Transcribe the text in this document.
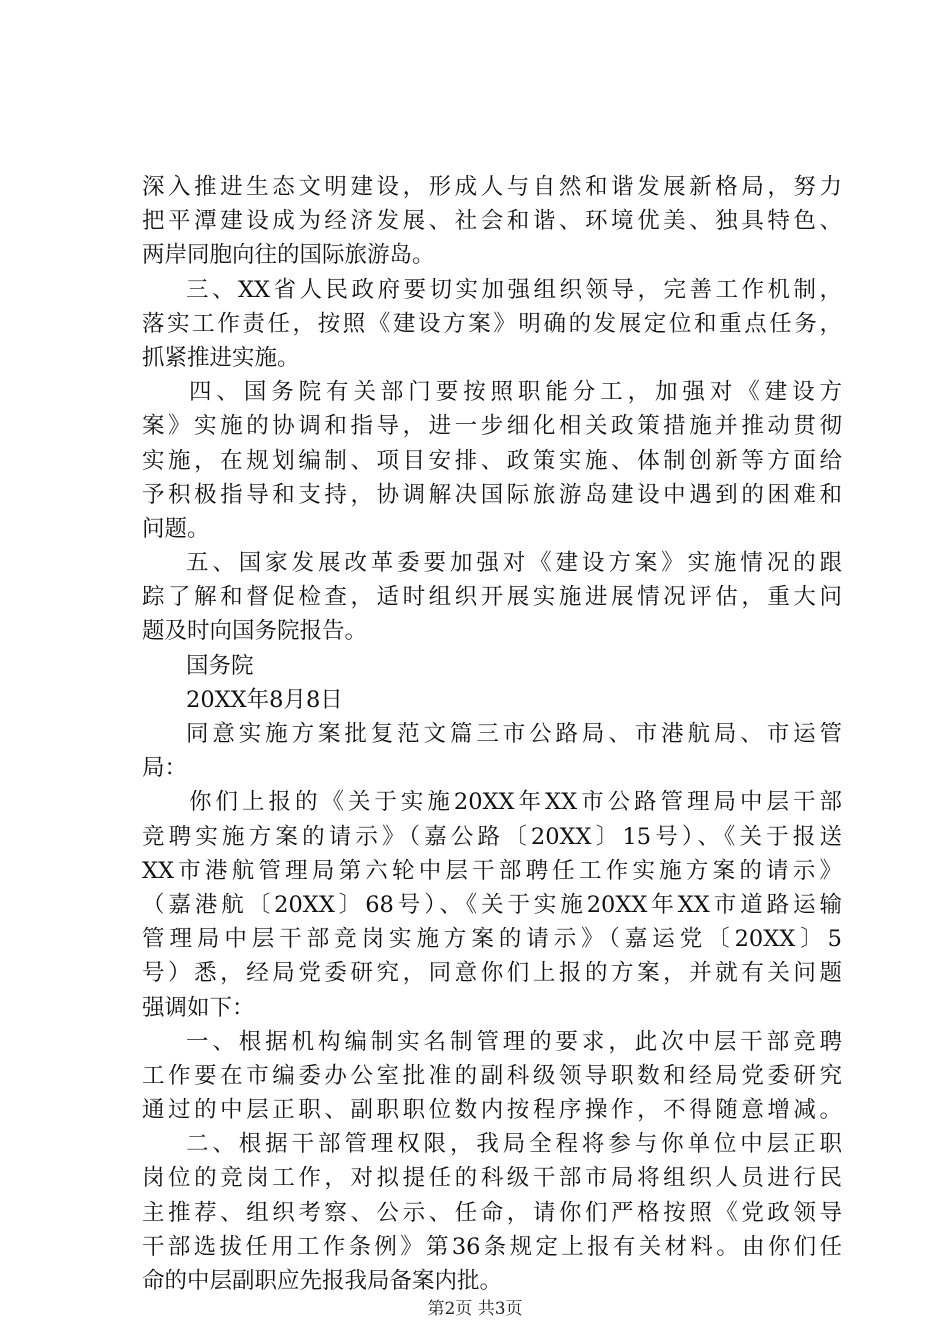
深入推进生态文明建设，形成人与自然和谐发展新格局，努力
把平潭建设成为经济发展、社会和谐、环境优美、独具特色、
两岸同胞向往的国际旅游岛。
三、XX省人民政府要切实加强组织领导，完善工作机制，
落实工作责任，按照《建设方案》明确的发展定位和重点任务，
抓紧推进实施。
四、国务院有关部门要按照职能分工，加强对《建设方
案》实施的协调和指导，进一步细化相关政策措施并推动贯彻
实施，在规划编制、项目安排、政策实施、体制创新等方面给
予积极指导和支持，协调解决国际旅游岛建设中遇到的困难和
问题。
五、国家发展改革委要加强对《建设方案》实施情况的跟
踪了解和督促检查，适时组织开展实施进展情况评估，重大问
题及时向国务院报告。
国务院
20XX年8月8日
同意实施方案批复范文篇三市公路局、市港航局、市运管
局：
你们上报的《关于实施20XX年XX市公路管理局中层干部
竞聘实施方案的请示》（嘉公路〔20XX〕15号）、《关于报送
XX市港航管理局第六轮中层干部聘任工作实施方案的请示》
（嘉港航〔20XX〕68号）、《关于实施20XX年XX市道路运输
管理局中层干部竞岗实施方案的请示》（嘉运党〔20XX〕5
号）悉，经局党委研究，同意你们上报的方案，并就有关问题
强调如下：
一、根据机构编制实名制管理的要求，此次中层干部竞聘
工作要在市编委办公室批准的副科级领导职数和经局党委研究
通过的中层正职、副职职位数内按程序操作，不得随意增减。
二、根据干部管理权限，我局全程将参与你单位中层正职
岗位的竞岗工作，对拟提任的科级干部市局将组织人员进行民
主推荐、组织考察、公示、任命，请你们严格按照《党政领导
干部选拔任用工作条例》第36条规定上报有关材料。由你们任
命的中层副职应先报我局备案内批。
第2页 共3页
